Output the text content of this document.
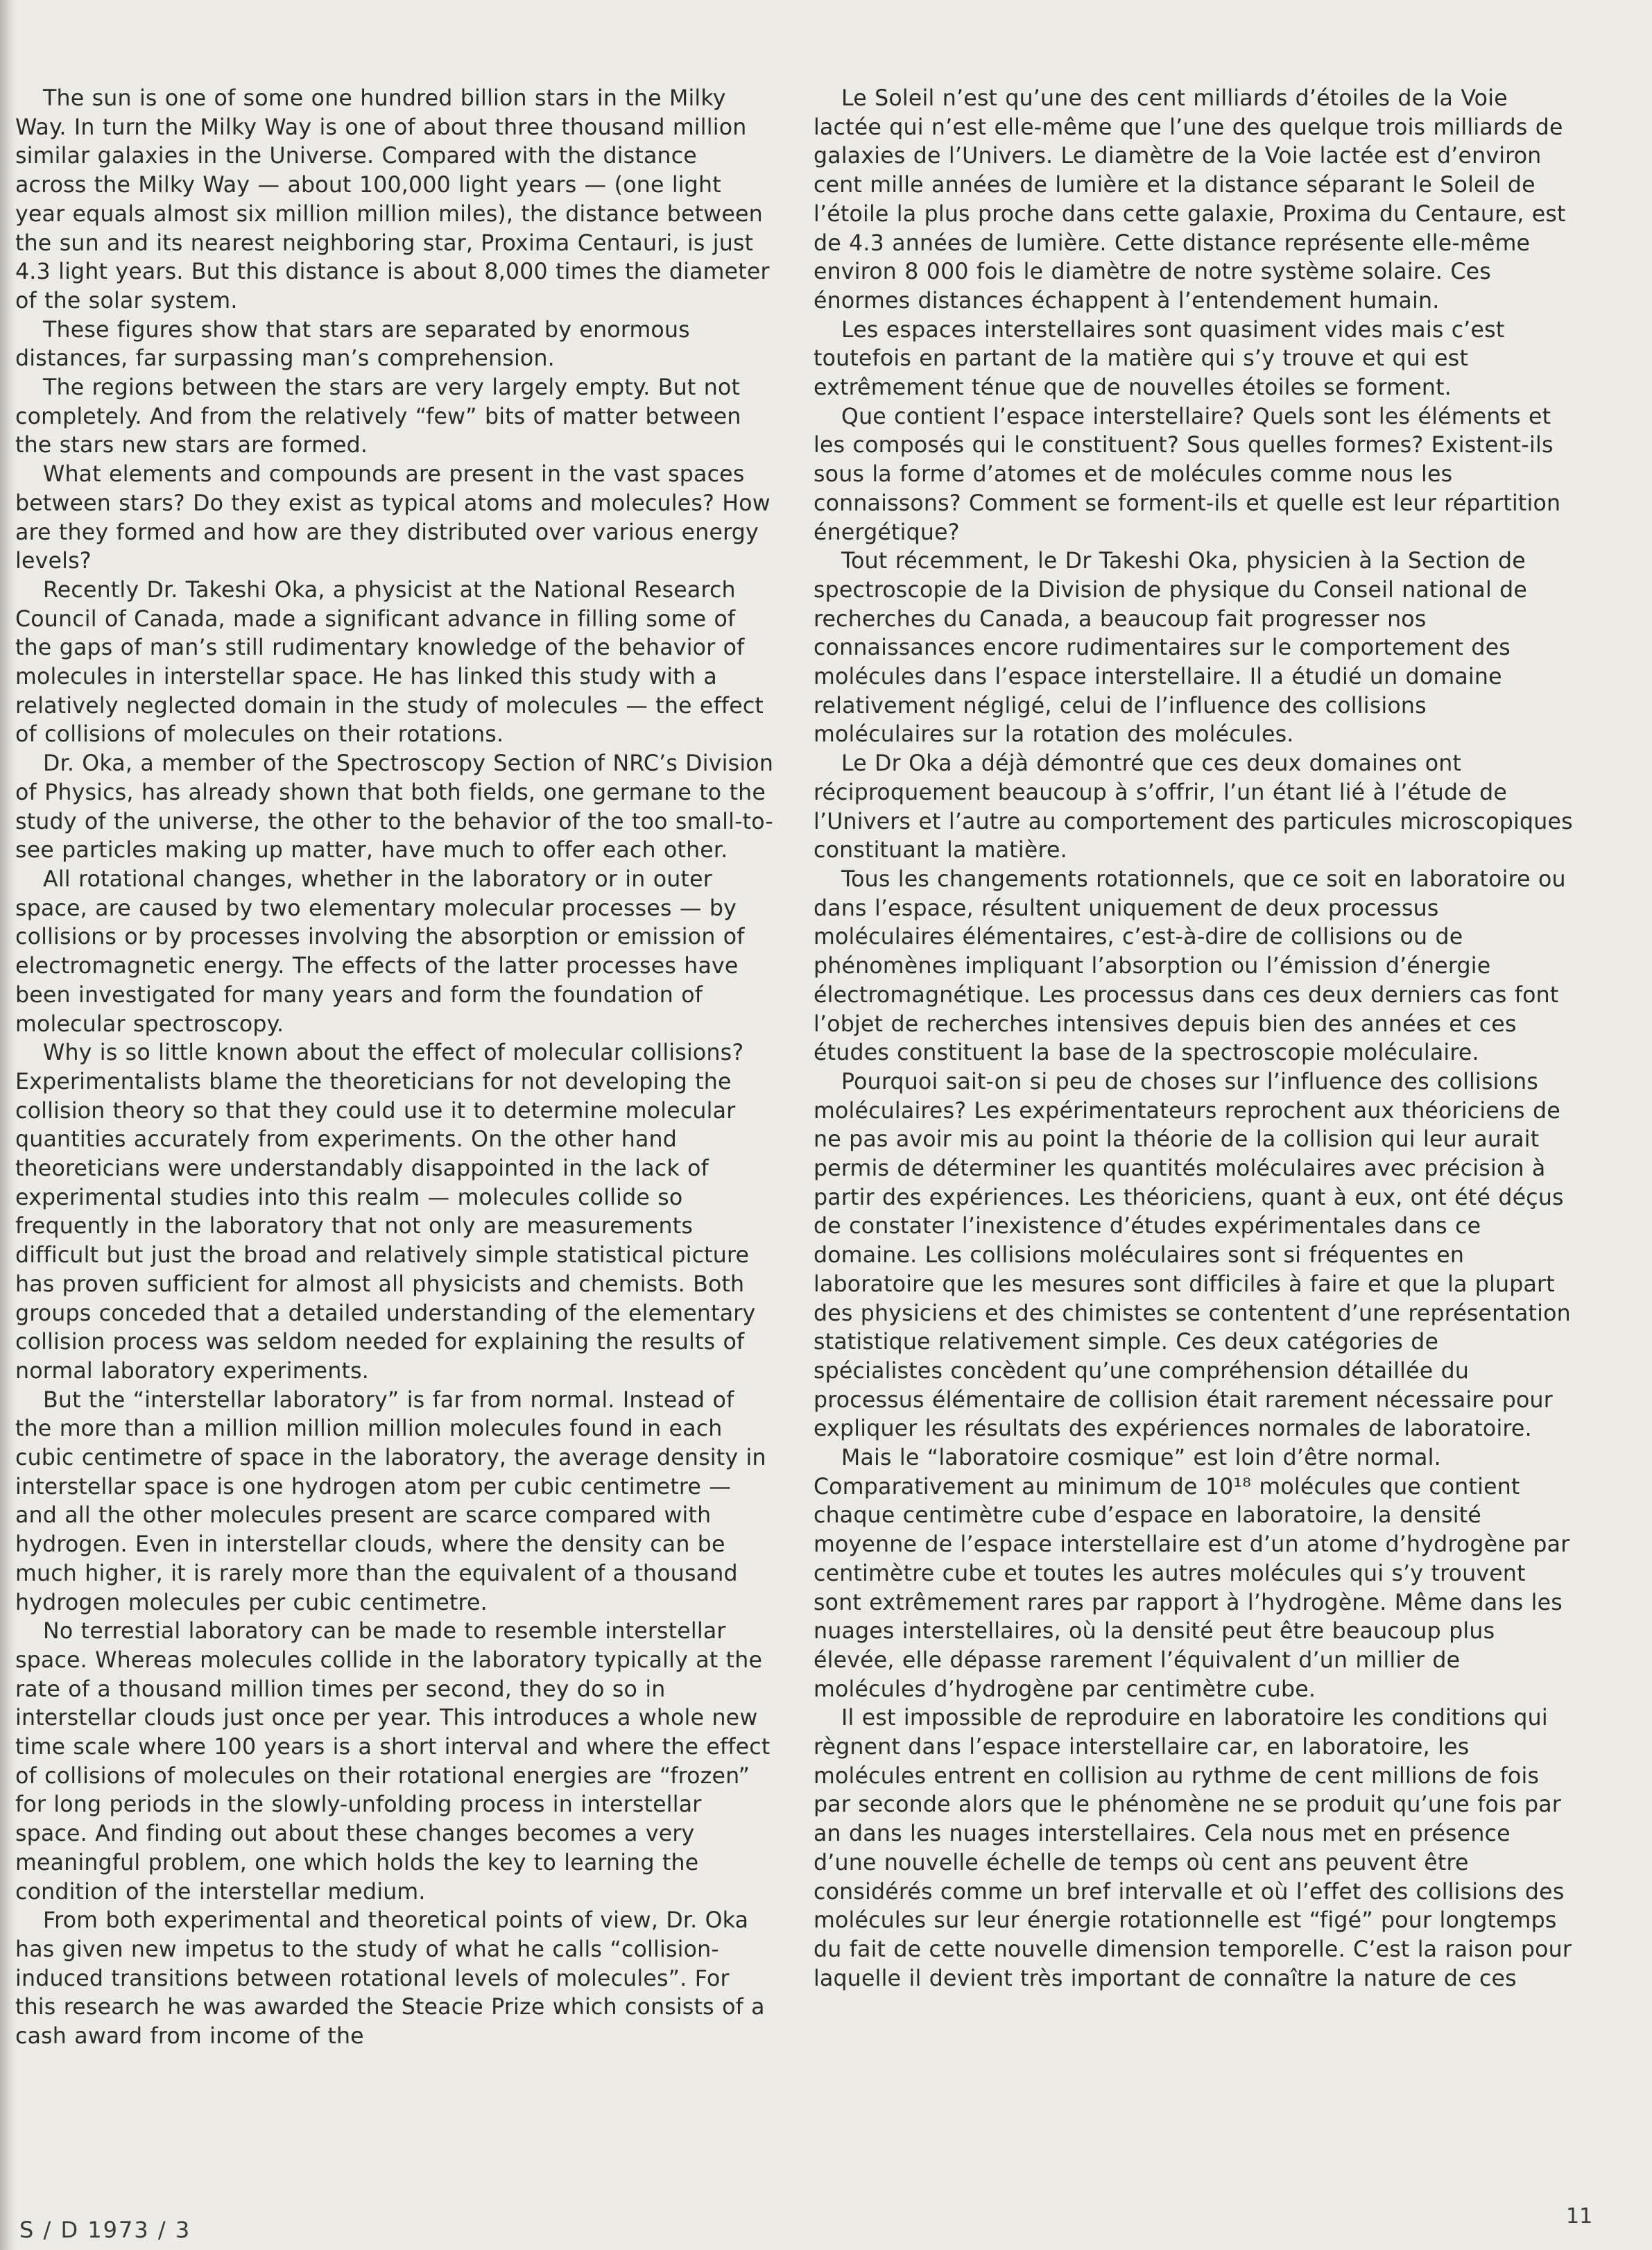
The sun is one of some one hundred billion stars in the Milky Way. In turn the Milky Way is one of about three thousand million similar galaxies in the Universe. Compared with the distance across the Milky Way — about 100,000 light years — (one light year equals almost six million million miles), the distance between the sun and its nearest neighboring star, Proxima Centauri, is just 4.3 light years. But this distance is about 8,000 times the diameter of the solar system.

These figures show that stars are separated by enormous distances, far surpassing man’s comprehension.

The regions between the stars are very largely empty. But not completely. And from the relatively “few” bits of matter between the stars new stars are formed.

What elements and compounds are present in the vast spaces between stars? Do they exist as typical atoms and molecules? How are they formed and how are they distributed over various energy levels?

Recently Dr. Takeshi Oka, a physicist at the National Research Council of Canada, made a significant advance in filling some of the gaps of man’s still rudimentary knowledge of the behavior of molecules in interstellar space. He has linked this study with a relatively neglected domain in the study of molecules — the effect of collisions of molecules on their rotations.

Dr. Oka, a member of the Spectroscopy Section of NRC’s Division of Physics, has already shown that both fields, one germane to the study of the universe, the other to the behavior of the too small-to-see particles making up matter, have much to offer each other.

All rotational changes, whether in the laboratory or in outer space, are caused by two elementary molecular processes — by collisions or by processes involving the absorption or emission of electromagnetic energy. The effects of the latter processes have been investigated for many years and form the foundation of molecular spectroscopy.

Why is so little known about the effect of molecular collisions? Experimentalists blame the theoreticians for not developing the collision theory so that they could use it to determine molecular quantities accurately from experiments. On the other hand theoreticians were understandably disappointed in the lack of experimental studies into this realm — molecules collide so frequently in the laboratory that not only are measurements difficult but just the broad and relatively simple statistical picture has proven sufficient for almost all physicists and chemists. Both groups conceded that a detailed understanding of the elementary collision process was seldom needed for explaining the results of normal laboratory experiments.

But the “interstellar laboratory” is far from normal. Instead of the more than a million million million molecules found in each cubic centimetre of space in the laboratory, the average density in interstellar space is one hydrogen atom per cubic centimetre — and all the other molecules present are scarce compared with hydrogen. Even in interstellar clouds, where the density can be much higher, it is rarely more than the equivalent of a thousand hydrogen molecules per cubic centimetre.

No terrestial laboratory can be made to resemble interstellar space. Whereas molecules collide in the laboratory typically at the rate of a thousand million times per second, they do so in interstellar clouds just once per year. This introduces a whole new time scale where 100 years is a short interval and where the effect of collisions of molecules on their rotational energies are “frozen” for long periods in the slowly-unfolding process in interstellar space. And finding out about these changes becomes a very meaningful problem, one which holds the key to learning the condition of the interstellar medium.

From both experimental and theoretical points of view, Dr. Oka has given new impetus to the study of what he calls “collision-induced transitions between rotational levels of molecules”. For this research he was awarded the Steacie Prize which consists of a cash award from income of the

Le Soleil n’est qu’une des cent milliards d’étoiles de la Voie lactée qui n’est elle-même que l’une des quelque trois milliards de galaxies de l’Univers. Le diamètre de la Voie lactée est d’environ cent mille années de lumière et la distance séparant le Soleil de l’étoile la plus proche dans cette galaxie, Proxima du Centaure, est de 4.3 années de lumière. Cette distance représente elle-même environ 8 000 fois le diamètre de notre système solaire. Ces énormes distances échappent à l’entendement humain.

Les espaces interstellaires sont quasiment vides mais c’est toutefois en partant de la matière qui s’y trouve et qui est extrêmement ténue que de nouvelles étoiles se forment.

Que contient l’espace interstellaire? Quels sont les éléments et les composés qui le constituent? Sous quelles formes? Existent-ils sous la forme d’atomes et de molécules comme nous les connaissons? Comment se forment-ils et quelle est leur répartition énergétique?

Tout récemment, le Dr Takeshi Oka, physicien à la Section de spectroscopie de la Division de physique du Conseil national de recherches du Canada, a beaucoup fait progresser nos connaissances encore rudimentaires sur le comportement des molécules dans l’espace interstellaire. Il a étudié un domaine relativement négligé, celui de l’influence des collisions moléculaires sur la rotation des molécules.

Le Dr Oka a déjà démontré que ces deux domaines ont réciproquement beaucoup à s’offrir, l’un étant lié à l’étude de l’Univers et l’autre au comportement des particules microscopiques constituant la matière.

Tous les changements rotationnels, que ce soit en laboratoire ou dans l’espace, résultent uniquement de deux processus moléculaires élémentaires, c’est-à-dire de collisions ou de phénomènes impliquant l’absorption ou l’émission d’énergie électromagnétique. Les processus dans ces deux derniers cas font l’objet de recherches intensives depuis bien des années et ces études constituent la base de la spectroscopie moléculaire.

Pourquoi sait-on si peu de choses sur l’influence des collisions moléculaires? Les expérimentateurs reprochent aux théoriciens de ne pas avoir mis au point la théorie de la collision qui leur aurait permis de déterminer les quantités moléculaires avec précision à partir des expériences. Les théoriciens, quant à eux, ont été déçus de constater l’inexistence d’études expérimentales dans ce domaine. Les collisions moléculaires sont si fréquentes en laboratoire que les mesures sont difficiles à faire et que la plupart des physiciens et des chimistes se contentent d’une représentation statistique relativement simple. Ces deux catégories de spécialistes concèdent qu’une compréhension détaillée du processus élémentaire de collision était rarement nécessaire pour expliquer les résultats des expériences normales de laboratoire.

Mais le “laboratoire cosmique” est loin d’être normal. Comparativement au minimum de 10¹⁸ molécules que contient chaque centimètre cube d’espace en laboratoire, la densité moyenne de l’espace interstellaire est d’un atome d’hydrogène par centimètre cube et toutes les autres molécules qui s’y trouvent sont extrêmement rares par rapport à l’hydrogène. Même dans les nuages interstellaires, où la densité peut être beaucoup plus élevée, elle dépasse rarement l’équivalent d’un millier de molécules d’hydrogène par centimètre cube.

Il est impossible de reproduire en laboratoire les conditions qui règnent dans l’espace interstellaire car, en laboratoire, les molécules entrent en collision au rythme de cent millions de fois par seconde alors que le phénomène ne se produit qu’une fois par an dans les nuages interstellaires. Cela nous met en présence d’une nouvelle échelle de temps où cent ans peuvent être considérés comme un bref intervalle et où l’effet des collisions des molécules sur leur énergie rotationnelle est “figé” pour longtemps du fait de cette nouvelle dimension temporelle. C’est la raison pour laquelle il devient très important de connaître la nature de ces

S / D 1973 / 3
11
